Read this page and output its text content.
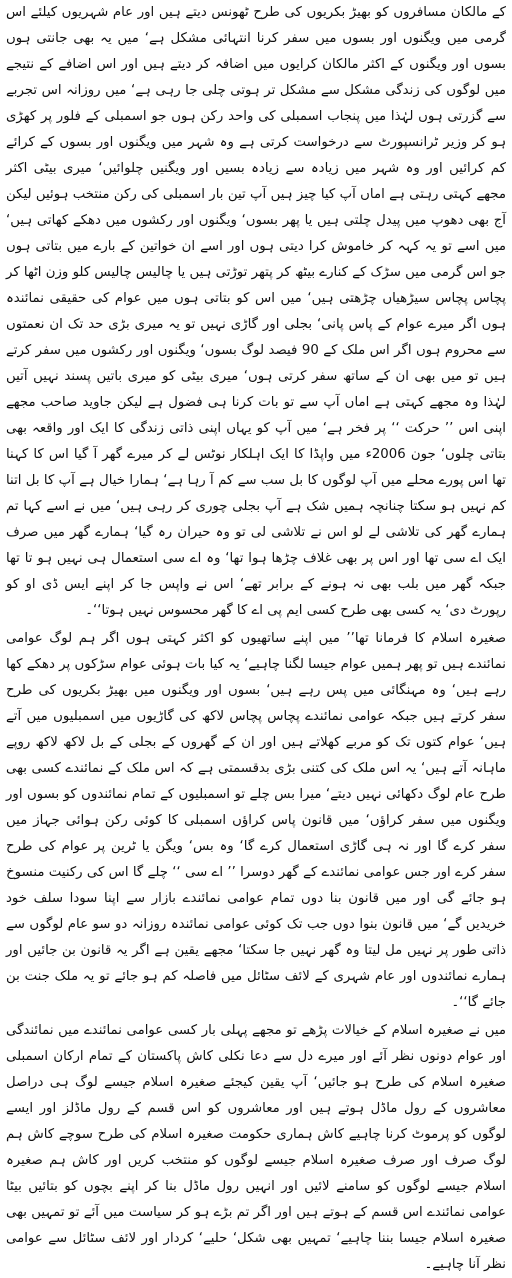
کے مالکان مسافروں کو بھیڑ بکریوں کی طرح ٹھونس دیتے ہیں اور عام شہریوں کیلئے اس گرمی میں ویگنوں اور بسوں میں سفر کرنا انتہائی مشکل ہے‘ میں یہ بھی جانتی ہوں بسوں اور ویگنوں کے اکثر مالکان کرایوں میں اضافہ کر دیتے ہیں اور اس اضافے کے نتیجے میں لوگوں کی زندگی مشکل سے مشکل تر ہوتی چلی جا رہی ہے‘ میں روزانہ اس تجربے سے گزرتی ہوں لہٰذا میں پنجاب اسمبلی کی واحد رکن ہوں جو اسمبلی کے فلور پر کھڑی ہو کر وزیر ٹرانسپورٹ سے درخواست کرتی ہے وہ شہر میں ویگنوں اور بسوں کے کرائے کم کرائیں اور وہ شہر میں زیادہ سے زیادہ بسیں اور ویگنیں چلوائیں‘ میری بیٹی اکثر مجھے کہتی رہتی ہے اماں آپ کیا چیز ہیں آپ تین بار اسمبلی کی رکن منتخب ہوئیں لیکن آج بھی دھوپ میں پیدل چلتی ہیں یا پھر بسوں‘ ویگنوں اور رکشوں میں دھکے کھاتی ہیں‘ میں اسے تو یہ کہہ کر خاموش کرا دیتی ہوں اور اسے ان خواتین کے بارے میں بتاتی ہوں جو اس گرمی میں سڑک کے کنارے بیٹھ کر پتھر توڑتی ہیں یا چالیس چالیس کلو وزن اٹھا کر پچاس پچاس سیڑھیاں چڑھتی ہیں‘ میں اس کو بتاتی ہوں میں عوام کی حقیقی نمائندہ ہوں اگر میرے عوام کے پاس پانی‘ بجلی اور گاڑی نہیں تو یہ میری بڑی حد تک ان نعمتوں سے محروم ہوں اگر اس ملک کے 90 فیصد لوگ بسوں‘ ویگنوں اور رکشوں میں سفر کرتے ہیں تو میں بھی ان کے ساتھ سفر کرتی ہوں‘ میری بیٹی کو میری باتیں پسند نہیں آتیں لہٰذا وہ مجھے کہتی ہے اماں آپ سے تو بات کرنا ہی فضول ہے لیکن جاوید صاحب مجھے اپنی اس ’’ حرکت ‘‘ پر فخر ہے‘ میں آپ کو یہاں اپنی ذاتی زندگی کا ایک اور واقعہ بھی بتاتی چلوں‘ جون 2006ء میں واپڈا کا ایک اہلکار نوٹس لے کر میرے گھر آ گیا اس کا کہنا تھا اس پورے محلے میں آپ لوگوں کا بل سب سے کم آ رہا ہے‘ ہمارا خیال ہے آپ کا بل اتنا کم نہیں ہو سکتا چنانچہ ہمیں شک ہے آپ بجلی چوری کر رہی ہیں‘ میں نے اسے کہا تم ہمارے گھر کی تلاشی لے لو اس نے تلاشی لی تو وہ حیران رہ گیا‘ ہمارے گھر میں صرف ایک اے سی تھا اور اس پر بھی غلاف چڑھا ہوا تھا‘ وہ اے سی استعمال ہی نہیں ہو تا تھا جبکہ گھر میں بلب بھی نہ ہونے کے برابر تھے‘ اس نے واپس جا کر اپنے ایس ڈی او کو رپورٹ دی‘ یہ کسی بھی طرح کسی ایم پی اے کا گھر محسوس نہیں ہوتا‘‘۔

صغیرہ اسلام کا فرمانا تھا’’ میں اپنے ساتھیوں کو اکثر کہتی ہوں اگر ہم لوگ عوامی نمائندے ہیں تو پھر ہمیں عوام جیسا لگنا چاہیے‘ یہ کیا بات ہوئی عوام سڑکوں پر دھکے کھا رہے ہیں‘ وہ مہنگائی میں پس رہے ہیں‘ بسوں اور ویگنوں میں بھیڑ بکریوں کی طرح سفر کرتے ہیں جبکہ عوامی نمائندے پچاس پچاس لاکھ کی گاڑیوں میں اسمبلیوں میں آتے ہیں‘ عوام کتوں تک کو مربے کھلاتے ہیں اور ان کے گھروں کے بجلی کے بل لاکھ لاکھ روپے ماہانہ آتے ہیں‘ یہ اس ملک کی کتنی بڑی بدقسمتی ہے کہ اس ملک کے نمائندے کسی بھی طرح عام لوگ دکھائی نہیں دیتے‘ میرا بس چلے تو اسمبلیوں کے تمام نمائندوں کو بسوں اور ویگنوں میں سفر کراؤں‘ میں قانون پاس کراؤں اسمبلی کا کوئی رکن ہوائی جہاز میں سفر کرے گا اور نہ ہی گاڑی استعمال کرے گا‘ وہ بس‘ ویگن یا ٹرین پر عوام کی طرح سفر کرے اور جس عوامی نمائندے کے گھر دوسرا ’’ اے سی ‘‘ چلے گا اس کی رکنیت منسوخ ہو جائے گی اور میں قانون بنا دوں تمام عوامی نمائندے بازار سے اپنا سودا سلف خود خریدیں گے‘ میں قانون بنوا دوں جب تک کوئی عوامی نمائندہ روزانہ دو سو عام لوگوں سے ذاتی طور پر نہیں مل لیتا وہ گھر نہیں جا سکتا‘ مجھے یقین ہے اگر یہ قانون بن جائیں اور ہمارے نمائندوں اور عام شہری کے لائف سٹائل میں فاصلہ کم ہو جائے تو یہ ملک جنت بن جائے گا‘‘۔

میں نے صغیرہ اسلام کے خیالات پڑھے تو مجھے پہلی بار کسی عوامی نمائندے میں نمائندگی اور عوام دونوں نظر آئے اور میرے دل سے دعا نکلی کاش پاکستان کے تمام ارکان اسمبلی صغیرہ اسلام کی طرح ہو جائیں‘ آپ یقین کیجئے صغیرہ اسلام جیسے لوگ ہی دراصل معاشروں کے رول ماڈل ہوتے ہیں اور معاشروں کو اس قسم کے رول ماڈلز اور ایسے لوگوں کو پرموٹ کرنا چاہیے کاش ہماری حکومت صغیرہ اسلام کی طرح سوچے کاش ہم لوگ صرف اور صرف صغیرہ اسلام جیسے لوگوں کو منتخب کریں اور کاش ہم صغیرہ اسلام جیسے لوگوں کو سامنے لائیں اور انہیں رول ماڈل بنا کر اپنے بچوں کو بتائیں بیٹا عوامی نمائندے اس قسم کے ہوتے ہیں اور اگر تم بڑے ہو کر سیاست میں آئے تو تمہیں بھی صغیرہ اسلام جیسا بننا چاہیے‘ تمہیں بھی شکل‘ حلیے‘ کردار اور لائف سٹائل سے عوامی نظر آنا چاہیے۔
